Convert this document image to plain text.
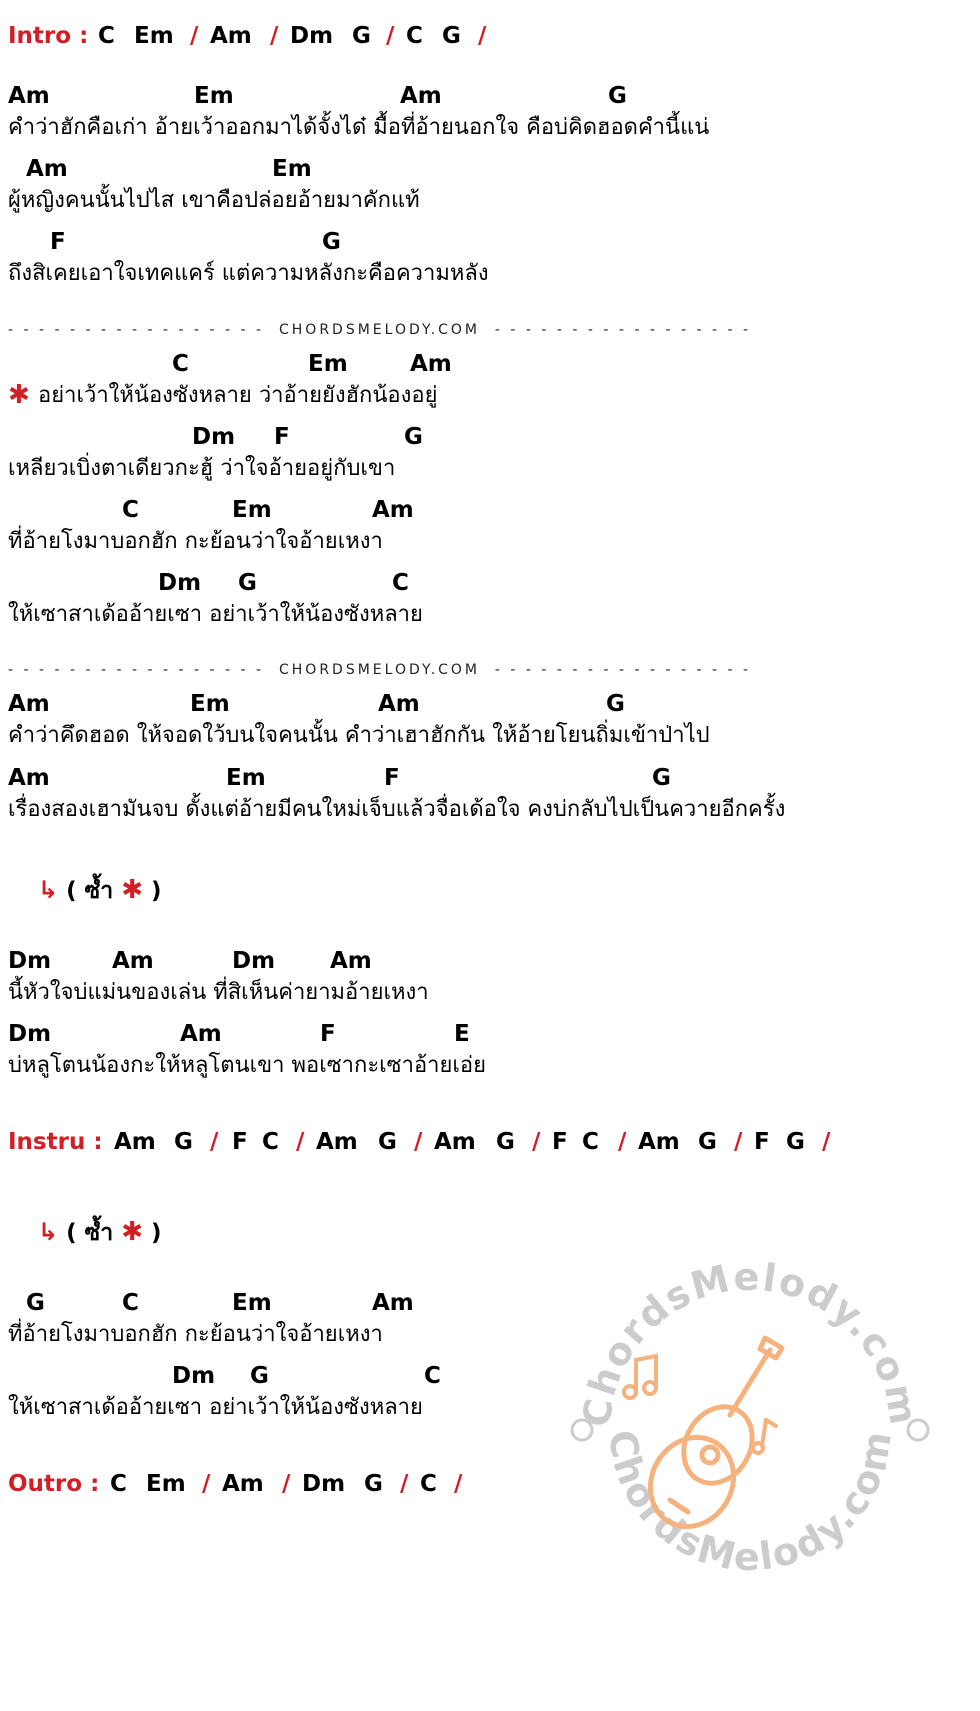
Intro : C Em / Am / Dm G / C G /
Am	Em	Am	G
คำว่าฮักคือเก่า อ้ายเว้าออกมาได้จั้งได๋ มื้อที่อ้ายนอกใจ คือบ่คิดฮอดคำนี้แน่
Am	Em
ผู้หญิงคนนั้นไปไส เขาคือปล่อยอ้ายมาคักแท้
F	G
ถึงสิเคยเอาใจเทคแคร์ แต่ความหลังกะคือความหลัง
- - - - - - - - - - - - - - - - - CHORDSMELODY.COM - - - - - - - - - - - - - - - - -
C	Em	Am
✱ อย่าเว้าให้น้องซังหลาย ว่าอ้ายยังฮักน้องอยู่
Dm F	G
เหลียวเบิ่งตาเดียวกะฮู้ ว่าใจอ้ายอยู่กับเขา
C	Em	Am
ที่อ้ายโงมาบอกฮัก กะย้อนว่าใจอ้ายเหงา
Dm G	C
ให้เซาสาเด้ออ้ายเซา อย่าเว้าให้น้องซังหลาย
- - - - - - - - - - - - - - - - - CHORDSMELODY.COM - - - - - - - - - - - - - - - - -
Am	Em	Am	G
คำว่าคึดฮอด ให้จอดใว้บนใจคนนั้น คำว่าเฮาฮักกัน ให้อ้ายโยนถิ่มเข้าป่าไป
Am	Em	F	G
เรื่องสองเฮามันจบ ดั้งแต่อ้ายมีคนใหม่เจ็บแล้วจื่อเด้อใจ คงบ่กลับไปเป็นควายอีกครั้ง
↳ ( ซ้ำ ✱ )
Dm	Am	Dm Am
นี้หัวใจบ่แม่นของเล่น ที่สิเห็นค่ายามอ้ายเหงา
Dm	Am	F	E
บ่หลูโตนน้องกะให้หลูโตนเขา พอเซากะเซาอ้ายเอ่ย
Instru : Am G / F C / Am G / Am G / F C / Am G / F G /
↳ ( ซ้ำ ✱ )
G	C	Em	Am
ที่อ้ายโงมาบอกฮัก กะย้อนว่าใจอ้ายเหงา
Dm G	C
ให้เซาสาเด้ออ้ายเซา อย่าเว้าให้น้องซังหลาย
Outro : C Em / Am / Dm G / C /
ChordsMelody.com
ChordsMelody.com
